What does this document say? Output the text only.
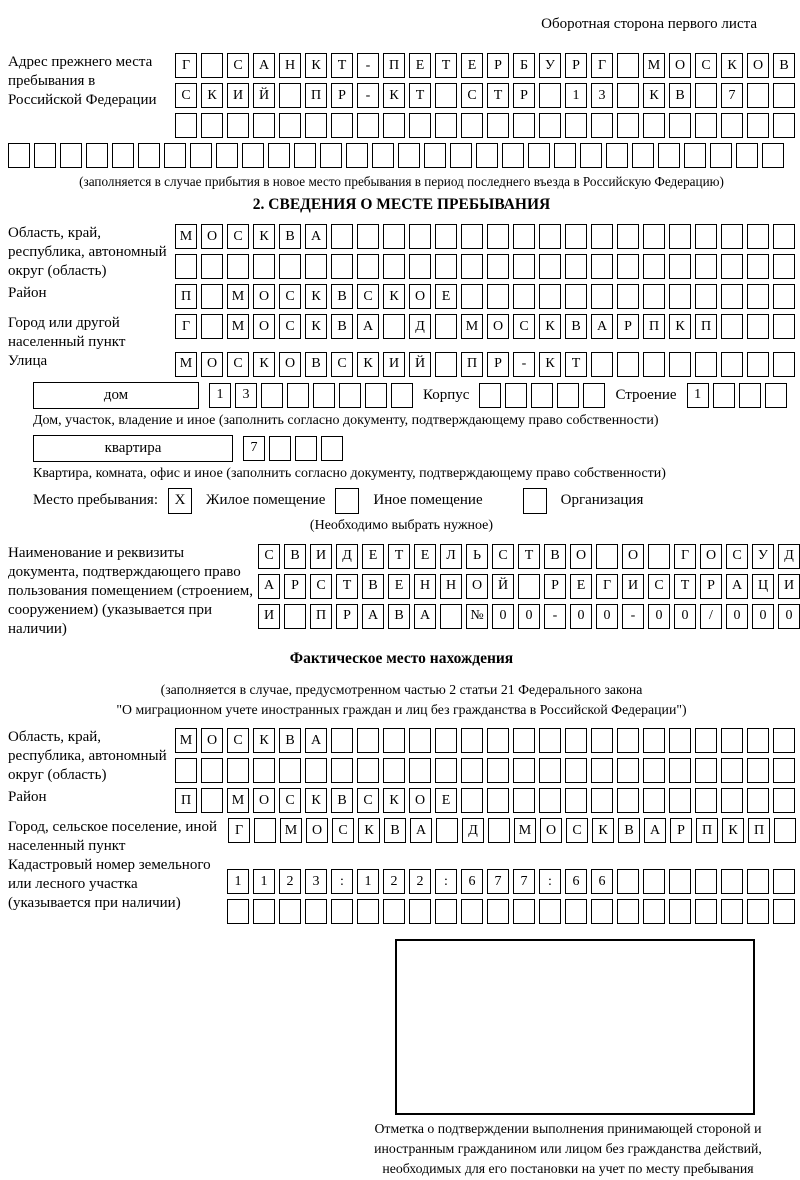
Оборотная сторона первого листа
Адрес прежнего места пребывания в Российской Федерации
Г	С	А	Н	К	Т	-	П	Е	Т	Е	Р	Б	У	Р	Г	М	О	С	К	О	В
С	К	И	Й	П	Р	-	К	Т	С	Т	Р	1	3	К	В	7
(заполняется в случае прибытия в новое место пребывания в период последнего въезда в Российскую Федерацию)
2. СВЕДЕНИЯ О МЕСТЕ ПРЕБЫВАНИЯ
Область, край, республика, автономный округ (область)
М	О	С	К	В	А
Район	П	М	О	С	К	В	С	К	О	Е
Город или другой населенный пункт
Г	М	О	С	К	В	А	Д	М	О	С	К	В	А	Р	П	К	П
Улица	М	О	С	К	О	В	С	К	И	Й	П	Р	-	К	Т
дом	1	3	Корпус	Строение	1
Дом, участок, владение и иное (заполнить согласно документу, подтверждающему право собственности)
квартира	7
Квартира, комната, офис и иное (заполнить согласно документу, подтверждающему право собственности)
Место пребывания:	X	Жилое помещение	Иное помещение	Организация
(Необходимо выбрать нужное)
Наименование и реквизиты документа, подтверждающего право пользования помещением (строением, сооружением) (указывается при наличии)
С	В	И	Д	Е	Т	Е	Л	Ь	С	Т	В	О	О	Г	О	С	У	Д
А	Р	С	Т	В	Е	Н	Н	О	Й	Р	Е	Г	И	С	Т	Р	А	Ц	И
И	П	Р	А	В	А	№	0	0	-	0	0	-	0	0	/	0	0	0
Фактическое место нахождения
(заполняется в случае, предусмотренном частью 2 статьи 21 Федерального закона
"О миграционном учете иностранных граждан и лиц без гражданства в Российской Федерации")
Область, край, республика, автономный округ (область)
М	О	С	К	В	А
Район	П	М	О	С	К	В	С	К	О	Е
Город, сельское поселение, иной населенный пункт
Г	М	О	С	К	В	А	Д	М	О	С	К	В	А	Р	П	К	П
Кадастровый номер земельного или лесного участка (указывается при наличии)
1	1	2	3	:	1	2	2	:	6	7	7	:	6	6
Отметка о подтверждении выполнения принимающей стороной и иностранным гражданином или лицом без гражданства действий, необходимых для его постановки на учет по месту пребывания
